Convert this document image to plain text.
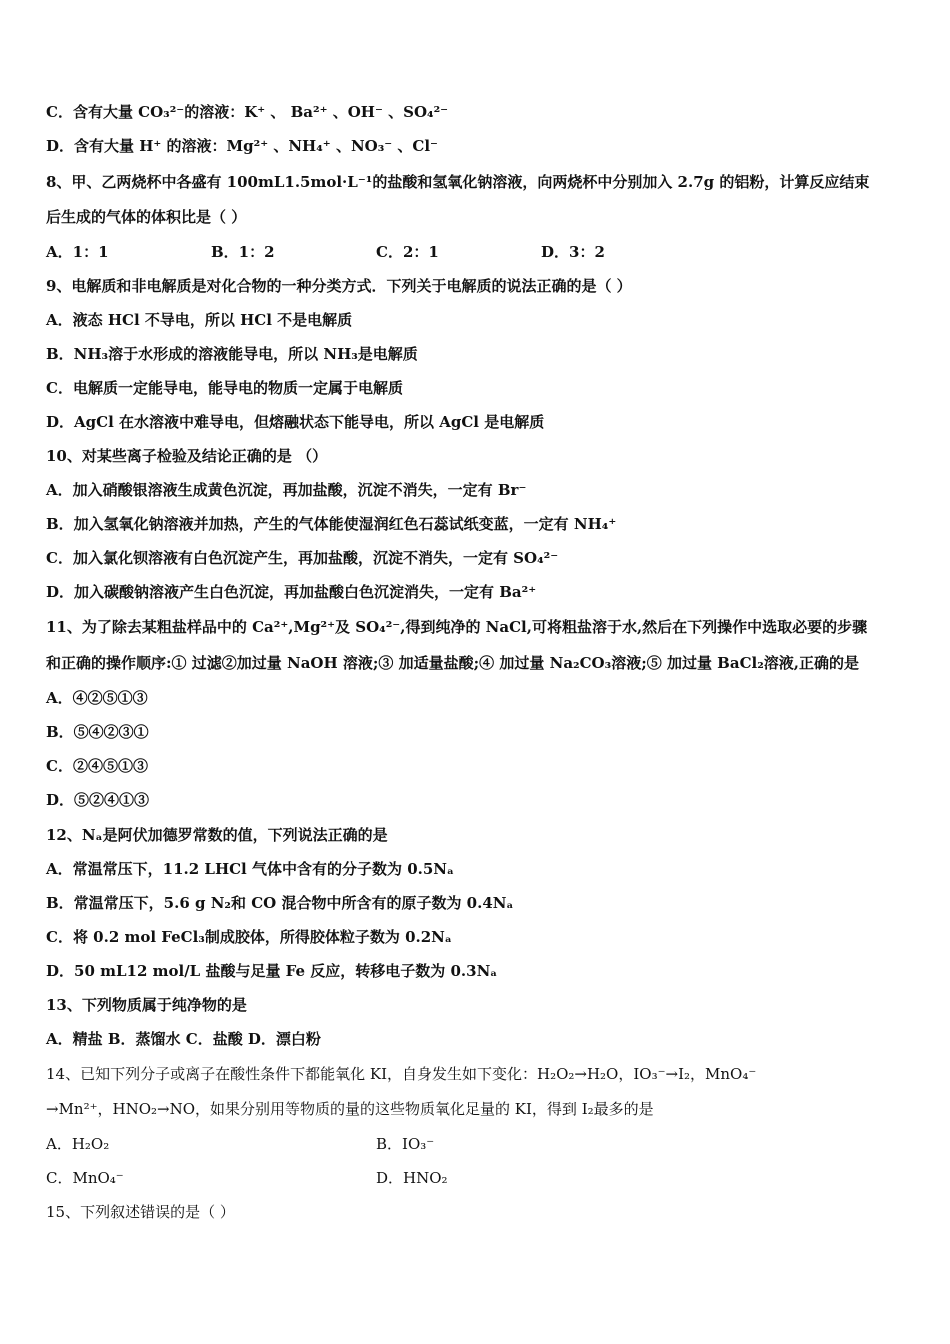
C．含有大量 CO₃²⁻的溶液：K⁺ 、 Ba²⁺ 、OH⁻ 、SO₄²⁻
D．含有大量 H⁺ 的溶液：Mg²⁺ 、NH₄⁺ 、NO₃⁻ 、Cl⁻
8、甲、乙两烧杯中各盛有 100mL1.5mol·L⁻¹的盐酸和氢氧化钠溶液，向两烧杯中分别加入 2.7g 的铝粉，计算反应结束
后生成的气体的体积比是（ ）
A．1：1	B．1：2	C．2：1	D．3：2
9、电解质和非电解质是对化合物的一种分类方式．下列关于电解质的说法正确的是（ ）
A．液态 HCl 不导电，所以 HCl 不是电解质
B．NH₃溶于水形成的溶液能导电，所以 NH₃是电解质
C．电解质一定能导电，能导电的物质一定属于电解质
D．AgCl 在水溶液中难导电，但熔融状态下能导电，所以 AgCl 是电解质
10、对某些离子检验及结论正确的是 （）
A．加入硝酸银溶液生成黄色沉淀，再加盐酸，沉淀不消失，一定有 Br⁻
B．加入氢氧化钠溶液并加热，产生的气体能使湿润红色石蕊试纸变蓝，一定有 NH₄⁺
C．加入氯化钡溶液有白色沉淀产生，再加盐酸，沉淀不消失，一定有 SO₄²⁻
D．加入碳酸钠溶液产生白色沉淀，再加盐酸白色沉淀消失，一定有 Ba²⁺
11、为了除去某粗盐样品中的 Ca²⁺,Mg²⁺及 SO₄²⁻,得到纯净的 NaCl,可将粗盐溶于水,然后在下列操作中选取必要的步骤
和正确的操作顺序:① 过滤②加过量 NaOH 溶液;③ 加适量盐酸;④ 加过量 Na₂CO₃溶液;⑤ 加过量 BaCl₂溶液,正确的是
A．④②⑤①③
B．⑤④②③①
C．②④⑤①③
D．⑤②④①③
12、Nₐ是阿伏加德罗常数的值，下列说法正确的是
A．常温常压下，11.2 LHCl 气体中含有的分子数为 0.5Nₐ
B．常温常压下，5.6 g N₂和 CO 混合物中所含有的原子数为 0.4Nₐ
C．将 0.2 mol FeCl₃制成胶体，所得胶体粒子数为 0.2Nₐ
D．50 mL12 mol/L 盐酸与足量 Fe 反应，转移电子数为 0.3Nₐ
13、下列物质属于纯净物的是
A．精盐 B．蒸馏水 C．盐酸 D．漂白粉
14、已知下列分子或离子在酸性条件下都能氧化 KI，自身发生如下变化：H₂O₂→H₂O，IO₃⁻→I₂，MnO₄⁻
→Mn²⁺，HNO₂→NO，如果分别用等物质的量的这些物质氧化足量的 KI，得到 I₂最多的是
A．H₂O₂	B．IO₃⁻
C．MnO₄⁻	D．HNO₂
15、下列叙述错误的是（ ）
